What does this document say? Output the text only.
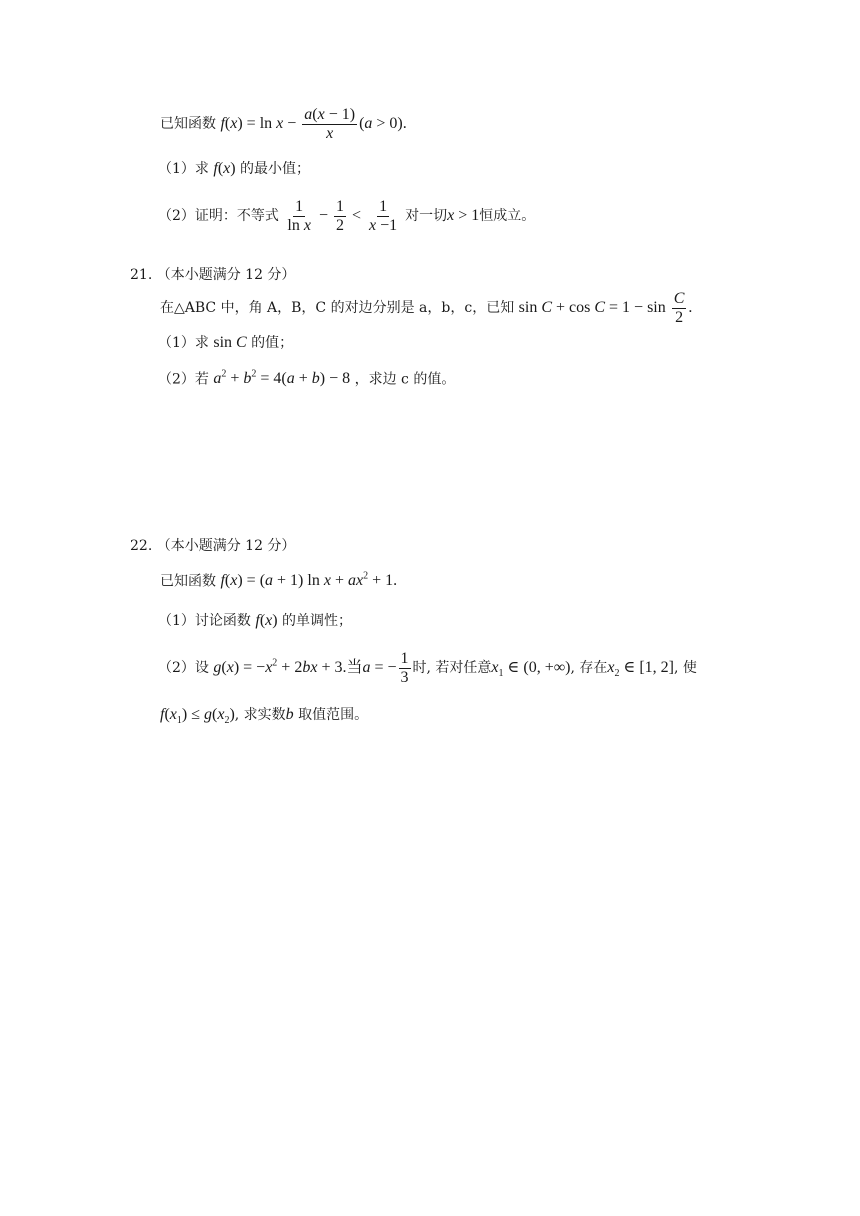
已知函数 $f(x) = \ln x - \frac{a(x - 1)}{x} (a > 0)$.
（1）求 f(x) 的最小值；
（2）证明：不等式 $\frac{1}{\text{ln x}} - \frac{1}{2} < \frac{1}{x -1}$ 对一切x > 1恒成立。
21. （本小题满分 12 分）
在△ABC 中，角 A，B，C 的对边分别是 a，b，c，已知 $\sin C + \cos C = 1 - \sin \frac{C}{2}$ .
（1）求 sin C 的值；
（2）若 $a^2 + b^2 = 4(a + b) - 8$ ，求边 c 的值。
22. （本小题满分 12 分）
已知函数 f(x) = (a + 1) $\ln x + ax^2 + 1$.
（1）讨论函数 f(x) 的单调性；
（2）设 $g(x) = -x^2 + 2bx + 3$.当a = − $\frac{1}{3}$ 时, 若对任意$x_1$ ∈ (0, +∞), 存在$x_2$ ∈ [1, 2], 使
$f(x_1) \le g(x_2)$, 求实数b 取值范围。
